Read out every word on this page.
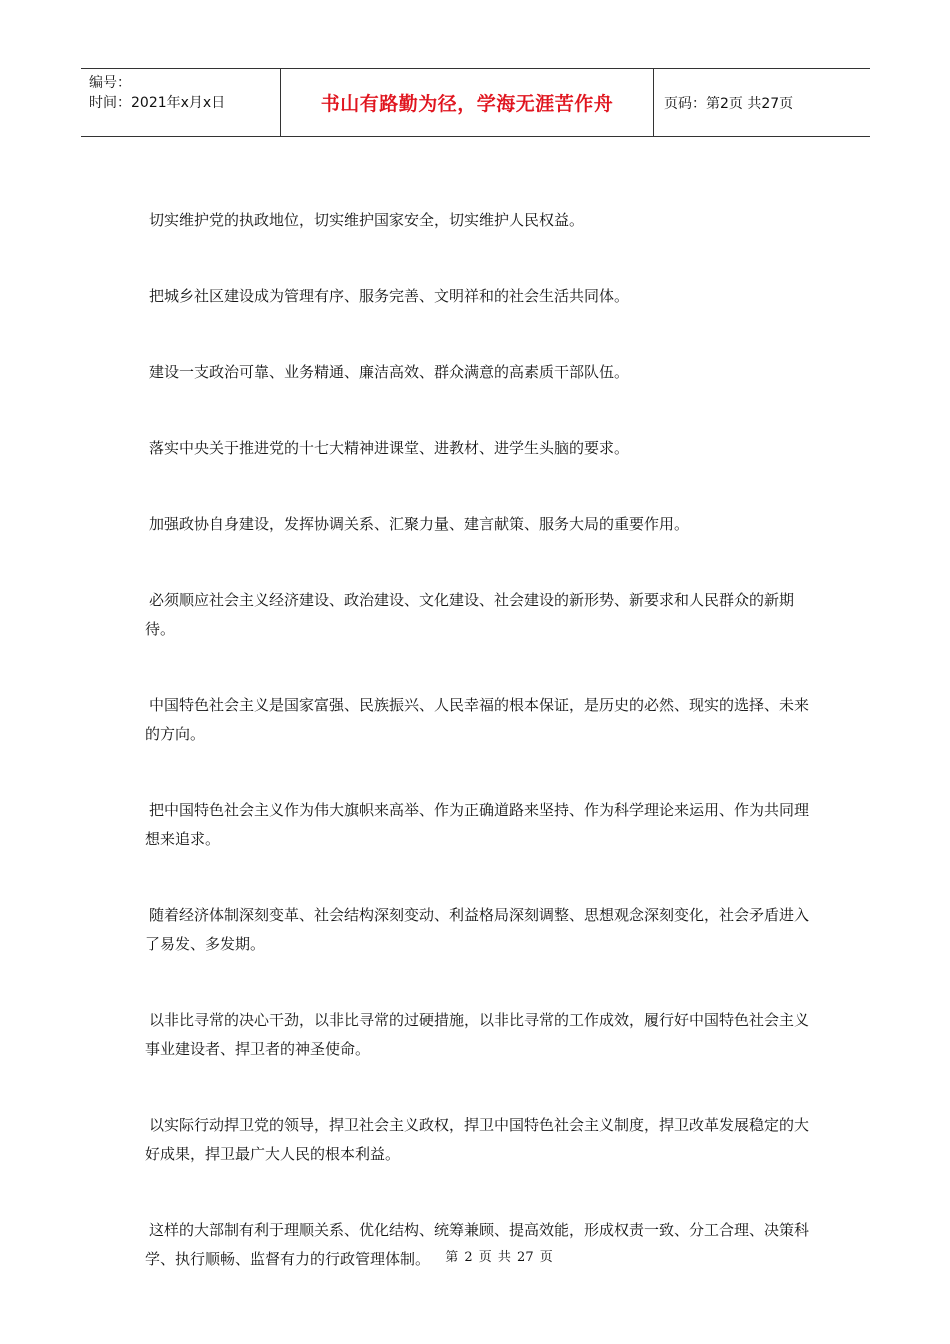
编号：
时间：2021年x月x日	书山有路勤为径，学海无涯苦作舟	页码：第2页 共27页

切实维护党的执政地位，切实维护国家安全，切实维护人民权益。

把城乡社区建设成为管理有序、服务完善、文明祥和的社会生活共同体。

建设一支政治可靠、业务精通、廉洁高效、群众满意的高素质干部队伍。

落实中央关于推进党的十七大精神进课堂、进教材、进学生头脑的要求。

加强政协自身建设，发挥协调关系、汇聚力量、建言献策、服务大局的重要作用。

必须顺应社会主义经济建设、政治建设、文化建设、社会建设的新形势、新要求和人民群众的新期待。

中国特色社会主义是国家富强、民族振兴、人民幸福的根本保证，是历史的必然、现实的选择、未来的方向。

把中国特色社会主义作为伟大旗帜来高举、作为正确道路来坚持、作为科学理论来运用、作为共同理想来追求。

随着经济体制深刻变革、社会结构深刻变动、利益格局深刻调整、思想观念深刻变化，社会矛盾进入了易发、多发期。

以非比寻常的决心干劲，以非比寻常的过硬措施，以非比寻常的工作成效，履行好中国特色社会主义事业建设者、捍卫者的神圣使命。

以实际行动捍卫党的领导，捍卫社会主义政权，捍卫中国特色社会主义制度，捍卫改革发展稳定的大好成果，捍卫最广大人民的根本利益。

这样的大部制有利于理顺关系、优化结构、统筹兼顾、提高效能，形成权责一致、分工合理、决策科学、执行顺畅、监督有力的行政管理体制。	第 2 页 共 27 页
